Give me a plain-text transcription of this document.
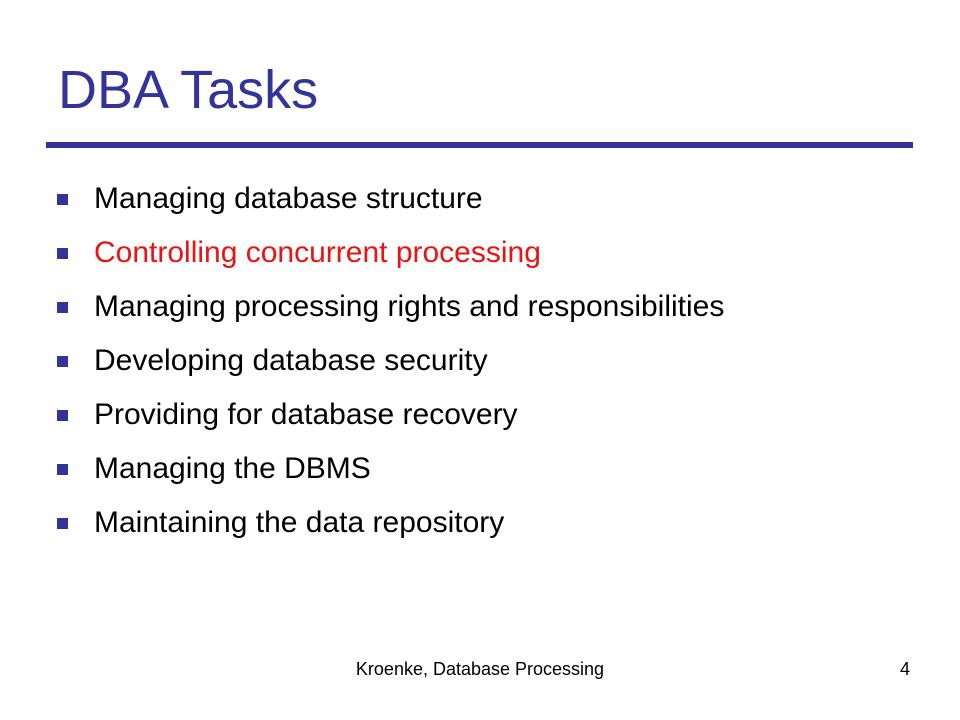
DBA Tasks
Managing database structure
Controlling concurrent processing
Managing processing rights and responsibilities
Developing database security
Providing for database recovery
Managing the DBMS
Maintaining the data repository
Kroenke, Database Processing	4
